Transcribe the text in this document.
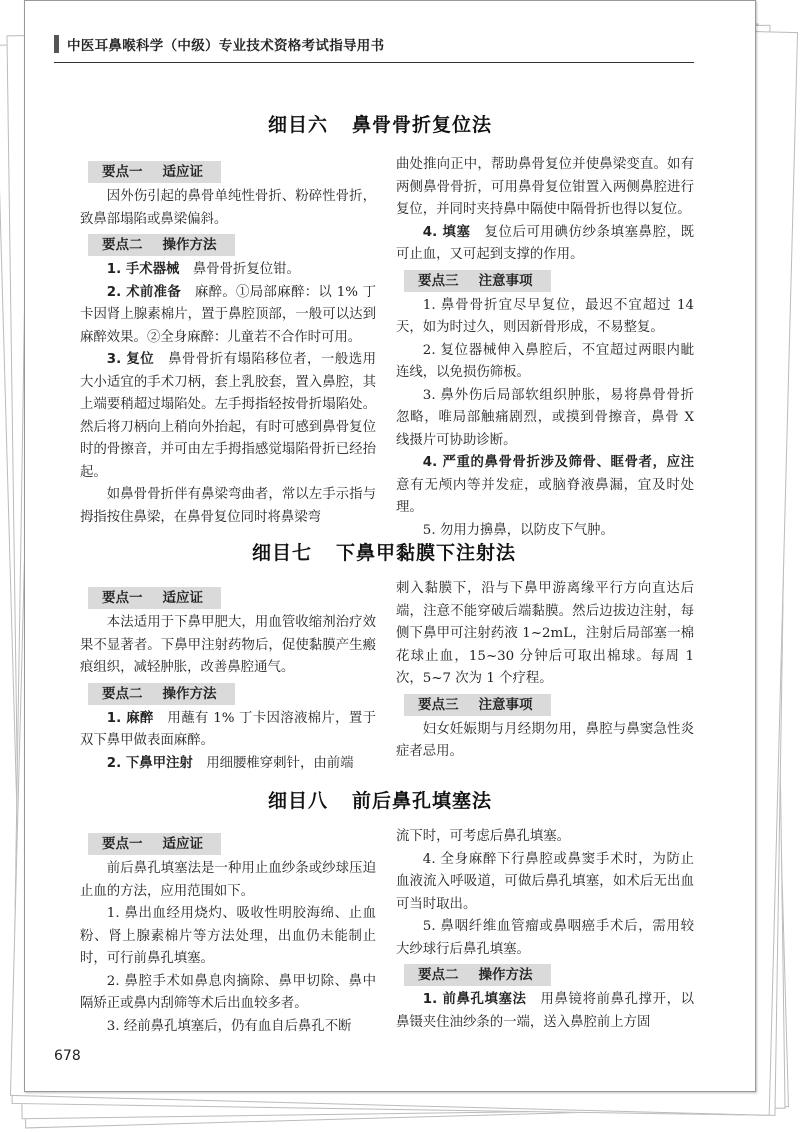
中医耳鼻喉科学（中级）专业技术资格考试指导用书
细目六 鼻骨骨折复位法
要点一 适应证

因外伤引起的鼻骨单纯性骨折、粉碎性骨折，致鼻部塌陷或鼻梁偏斜。

要点二 操作方法

1. 手术器械　 鼻骨骨折复位钳。

2. 术前准备　 麻醉。①局部麻醉：以 1% 丁卡因肾上腺素棉片，置于鼻腔顶部，一般可以达到麻醉效果。②全身麻醉：儿童若不合作时可用。

3. 复位　 鼻骨骨折有塌陷移位者，一般选用大小适宜的手术刀柄，套上乳胶套，置入鼻腔，其上端要稍超过塌陷处。左手拇指轻按骨折塌陷处。然后将刀柄向上稍向外抬起，有时可感到鼻骨复位时的骨擦音，并可由左手拇指感觉塌陷骨折已经抬起。

如鼻骨骨折伴有鼻梁弯曲者，常以左手示指与拇指按住鼻梁，在鼻骨复位同时将鼻梁弯

曲处推向正中，帮助鼻骨复位并使鼻梁变直。如有两侧鼻骨骨折，可用鼻骨复位钳置入两侧鼻腔进行复位，并同时夹持鼻中隔使中隔骨折也得以复位。

4. 填塞　 复位后可用碘仿纱条填塞鼻腔，既可止血，又可起到支撑的作用。

要点三 注意事项

1. 鼻骨骨折宜尽早复位，最迟不宜超过 14 天，如为时过久，则因新骨形成，不易整复。

2. 复位器械伸入鼻腔后，不宜超过两眼内眦连线，以免损伤筛板。

3. 鼻外伤后局部软组织肿胀，易将鼻骨骨折忽略，唯局部触痛剧烈，或摸到骨擦音，鼻骨 X 线摄片可协助诊断。

4. 严重的鼻骨骨折涉及筛骨、眶骨者，应注意有无颅内等并发症，或脑脊液鼻漏，宜及时处理。

5. 勿用力擤鼻，以防皮下气肿。

细目七 下鼻甲黏膜下注射法
要点一 适应证

本法适用于下鼻甲肥大，用血管收缩剂治疗效果不显著者。下鼻甲注射药物后，促使黏膜产生瘢痕组织，减轻肿胀，改善鼻腔通气。

要点二 操作方法

1. 麻醉　 用蘸有 1% 丁卡因溶液棉片，置于双下鼻甲做表面麻醉。

2. 下鼻甲注射　 用细腰椎穿刺针，由前端

刺入黏膜下，沿与下鼻甲游离缘平行方向直达后端，注意不能穿破后端黏膜。然后边拔边注射，每侧下鼻甲可注射药液 1~2mL，注射后局部塞一棉花球止血，15~30 分钟后可取出棉球。每周 1 次，5~7 次为 1 个疗程。

要点三 注意事项

妇女妊娠期与月经期勿用，鼻腔与鼻窦急性炎症者忌用。

细目八 前后鼻孔填塞法
要点一 适应证

前后鼻孔填塞法是一种用止血纱条或纱球压迫止血的方法，应用范围如下。

1. 鼻出血经用烧灼、吸收性明胶海绵、止血粉、肾上腺素棉片等方法处理，出血仍未能制止时，可行前鼻孔填塞。

2. 鼻腔手术如鼻息肉摘除、鼻甲切除、鼻中隔矫正或鼻内刮筛等术后出血较多者。

3. 经前鼻孔填塞后，仍有血自后鼻孔不断

流下时，可考虑后鼻孔填塞。

4. 全身麻醉下行鼻腔或鼻窦手术时，为防止血液流入呼吸道，可做后鼻孔填塞，如术后无出血可当时取出。

5. 鼻咽纤维血管瘤或鼻咽癌手术后，需用较大纱球行后鼻孔填塞。

要点二 操作方法

1. 前鼻孔填塞法　 用鼻镜将前鼻孔撑开，以鼻镊夹住油纱条的一端，送入鼻腔前上方固

678
